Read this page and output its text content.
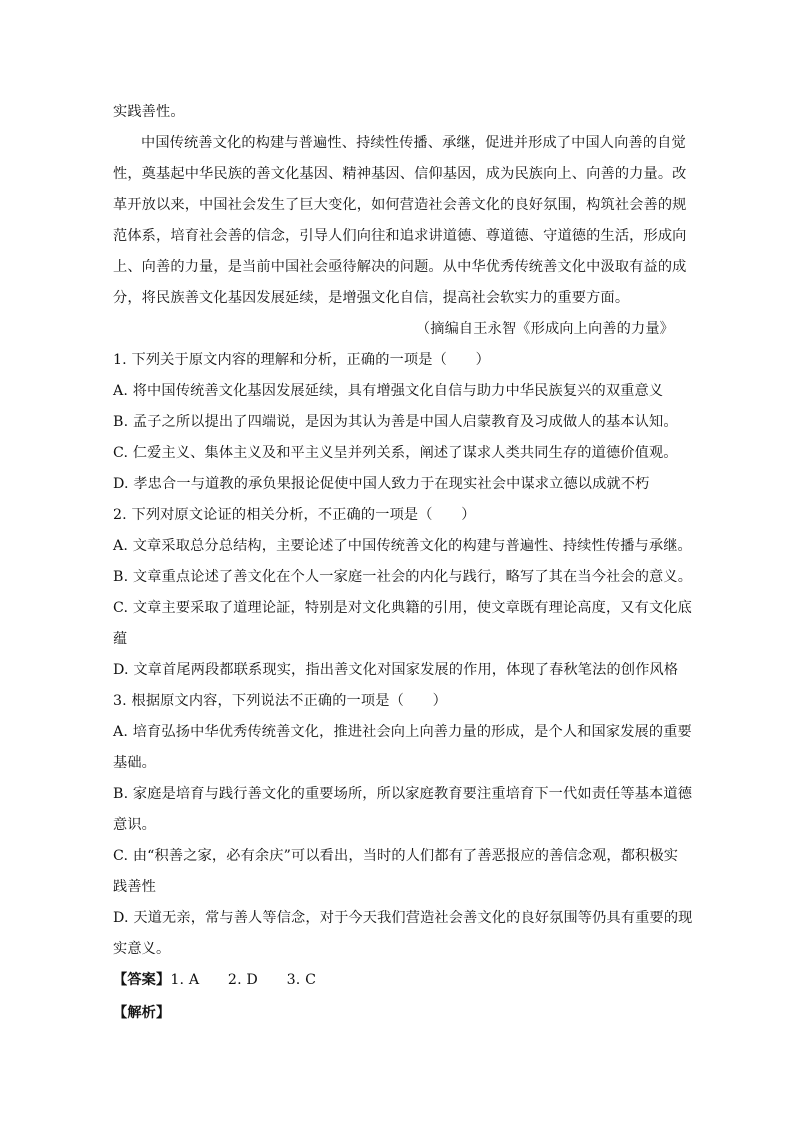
实践善性。
中国传统善文化的构建与普遍性、持续性传播、承继，促进并形成了中国人向善的自觉
性，奠基起中华民族的善文化基因、精神基因、信仰基因，成为民族向上、向善的力量。改
革开放以来，中国社会发生了巨大变化，如何营造社会善文化的良好氛围，构筑社会善的规
范体系，培育社会善的信念，引导人们向往和追求讲道德、尊道德、守道德的生活，形成向
上、向善的力量，是当前中国社会亟待解决的问题。从中华优秀传统善文化中汲取有益的成
分，将民族善文化基因发展延续，是增强文化自信，提高社会软实力的重要方面。
（摘编自王永智《形成向上向善的力量》
1. 下列关于原文内容的理解和分析，正确的一项是（　　）
A. 将中国传统善文化基因发展延续，具有增强文化自信与助力中华民族复兴的双重意义
B. 孟子之所以提出了四端说，是因为其认为善是中国人启蒙教育及习成做人的基本认知。
C. 仁爱主义、集体主义及和平主义呈并列关系，阐述了谋求人类共同生存的道德价值观。
D. 孝忠合一与道教的承负果报论促使中国人致力于在现实社会中谋求立德以成就不朽
2. 下列对原文论证的相关分析，不正确的一项是（　　）
A. 文章采取总分总结构，主要论述了中国传统善文化的构建与普遍性、持续性传播与承继。
B. 文章重点论述了善文化在个人一家庭一社会的内化与践行，略写了其在当今社会的意义。
C. 文章主要采取了道理论証，特别是对文化典籍的引用，使文章既有理论高度，又有文化底
蕴
D. 文章首尾两段都联系现实，指出善文化对国家发展的作用，体现了春秋笔法的创作风格
3. 根据原文内容，下列说法不正确的一项是（　　）
A. 培育弘扬中华优秀传统善文化，推进社会向上向善力量的形成，是个人和国家发展的重要
基础。
B. 家庭是培育与践行善文化的重要场所，所以家庭教育要注重培育下一代如责任等基本道德
意识。
C. 由“积善之家，必有余庆”可以看出，当时的人们都有了善恶报应的善信念观，都积极实
践善性
D. 天道无亲，常与善人等信念，对于今天我们营造社会善文化的良好氛围等仍具有重要的现
实意义。
【答案】1. A　　2. D　　3. C
【解析】
